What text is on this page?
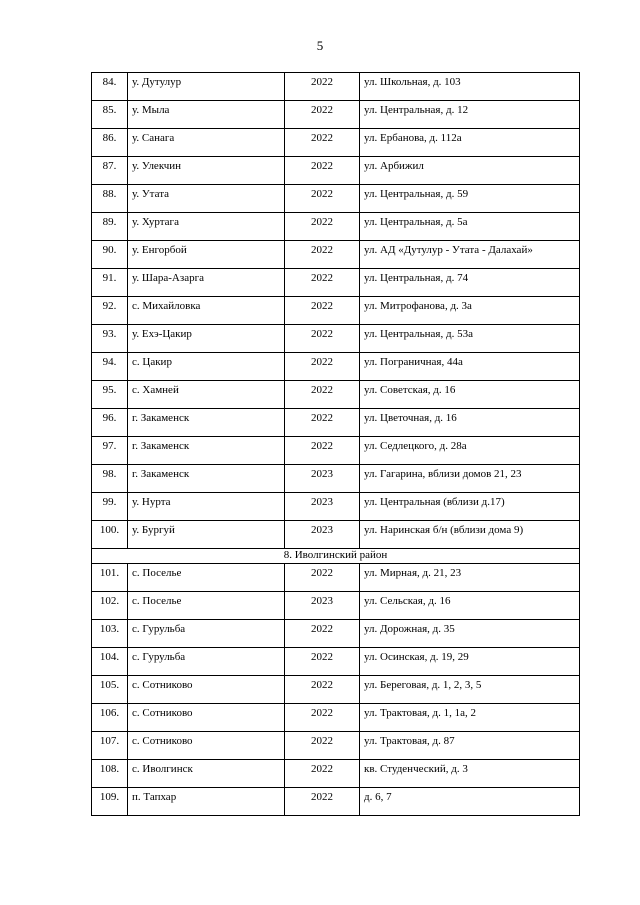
5
84.	у. Дутулур	2022	ул. Школьная, д. 103
85.	у. Мыла	2022	ул. Центральная, д. 12
86.	у. Санага	2022	ул. Ербанова, д. 112а
87.	у. Улекчин	2022	ул. Арбижил
88.	у. Утата	2022	ул. Центральная, д. 59
89.	у. Хуртага	2022	ул. Центральная, д. 5а
90.	у. Енгорбой	2022	ул. АД «Дутулур - Утата - Далахай»
91.	у. Шара-Азарга	2022	ул. Центральная, д. 74
92.	с. Михайловка	2022	ул. Митрофанова, д. 3а
93.	у. Ехэ-Цакир	2022	ул. Центральная, д. 53а
94.	с. Цакир	2022	ул. Пограничная, 44а
95.	с. Хамней	2022	ул. Советская, д. 16
96.	г. Закаменск	2022	ул. Цветочная, д. 16
97.	г. Закаменск	2022	ул. Седлецкого, д. 28а
98.	г. Закаменск	2023	ул. Гагарина, вблизи домов 21, 23
99.	у. Нурта	2023	ул. Центральная (вблизи д.17)
100.	у. Бургуй	2023	ул. Наринская б/н (вблизи дома 9)
8. Иволгинский район			
101.	с. Поселье	2022	ул. Мирная, д. 21, 23
102.	с. Поселье	2023	ул. Сельская, д. 16
103.	с. Гурульба	2022	ул. Дорожная, д. 35
104.	с. Гурульба	2022	ул. Осинская, д. 19, 29
105.	с. Сотниково	2022	ул. Береговая, д. 1, 2, 3, 5
106.	с. Сотниково	2022	ул. Трактовая, д. 1, 1а, 2
107.	с. Сотниково	2022	ул. Трактовая, д. 87
108.	с. Иволгинск	2022	кв. Студенческий, д. 3
109.	п. Тапхар	2022	д. 6, 7
